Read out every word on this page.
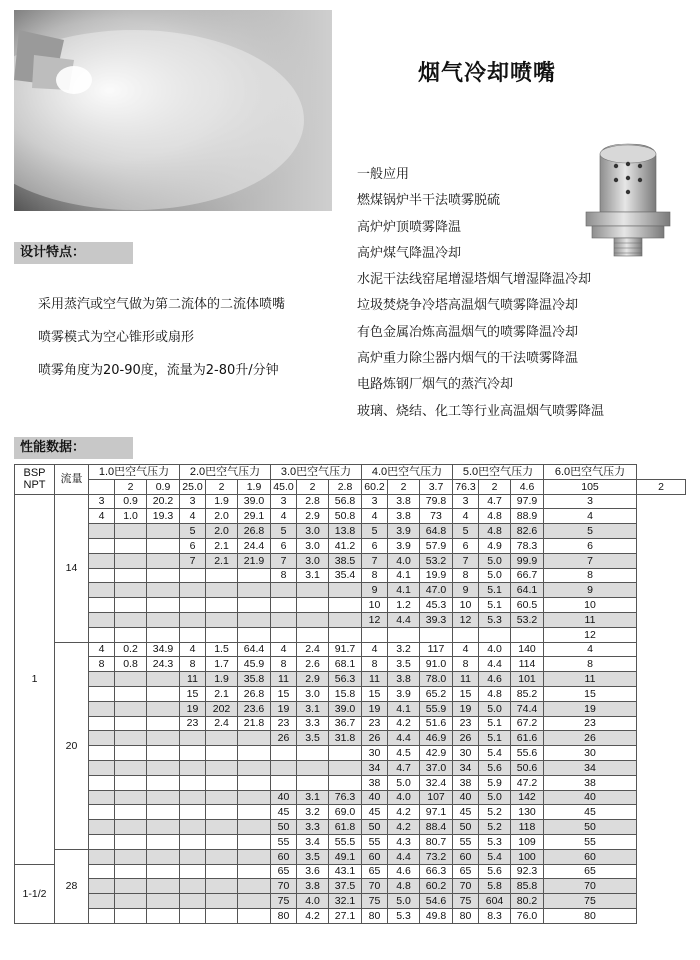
烟气冷却喷嘴
一般应用
燃煤锅炉半干法喷雾脱硫
高炉炉顶喷雾降温
高炉煤气降温冷却
水泥干法线窑尾增湿塔烟气增湿降温冷却
垃圾焚烧争冷塔高温烟气喷雾降温冷却
有色金属冶炼高温烟气的喷雾降温冷却
高炉重力除尘器内烟气的干法喷雾降温
电路炼钢厂烟气的蒸汽冷却
玻璃、烧结、化工等行业高温烟气喷雾降温
设计特点：
采用蒸汽或空气做为第二流体的二流体喷嘴
喷雾模式为空心锥形或扇形
喷雾角度为20-90度，流量为2-80升/分钟
性能数据：
BSP
NPT	流量	1.0巴空气压力			2.0巴空气压力			3.0巴空气压力			4.0巴空气压力			5.0巴空气压力			6.0巴空气压力	
			2	0.9	25.0	2	1.9	45.0	2	2.8	60.2	2	3.7	76.3	2	4.6	105	2
1	14	3	0.9	20.2	3	1.9	39.0	3	2.8	56.8	3	3.8	79.8	3	4.7	97.9	3	
		4	1.0	19.3	4	2.0	29.1	4	2.9	50.8	4	3.8	73	4	4.8	88.9	4	
					5	2.0	26.8	5	3.0	13.8	5	3.9	64.8	5	4.8	82.6	5	
					6	2.1	24.4	6	3.0	41.2	6	3.9	57.9	6	4.9	78.3	6	
					7	2.1	21.9	7	3.0	38.5	7	4.0	53.2	7	5.0	99.9	7	
								8	3.1	35.4	8	4.1	19.9	8	5.0	66.7	8	
											9	4.1	47.0	9	5.1	64.1	9	
											10	1.2	45.3	10	5.1	60.5	10	
											12	4.4	39.3	12	5.3	53.2	11	
																	12	
	20	4	0.2	34.9	4	1.5	64.4	4	2.4	91.7	4	3.2	117	4	4.0	140	4	
		8	0.8	24.3	8	1.7	45.9	8	2.6	68.1	8	3.5	91.0	8	4.4	114	8	
					11	1.9	35.8	11	2.9	56.3	11	3.8	78.0	11	4.6	101	11	
					15	2.1	26.8	15	3.0	15.8	15	3.9	65.2	15	4.8	85.2	15	
					19	202	23.6	19	3.1	39.0	19	4.1	55.9	19	5.0	74.4	19	
					23	2.4	21.8	23	3.3	36.7	23	4.2	51.6	23	5.1	67.2	23	
								26	3.5	31.8	26	4.4	46.9	26	5.1	61.6	26	
											30	4.5	42.9	30	5.4	55.6	30	
											34	4.7	37.0	34	5.6	50.6	34	
											38	5.0	32.4	38	5.9	47.2	38	
								40	3.1	76.3	40	4.0	107	40	5.0	142	40	
								45	3.2	69.0	45	4.2	97.1	45	5.2	130	45	
								50	3.3	61.8	50	4.2	88.4	50	5.2	118	50	
								55	3.4	55.5	55	4.3	80.7	55	5.3	109	55	
	28							60	3.5	49.1	60	4.4	73.2	60	5.4	100	60	
1-1/2								65	3.6	43.1	65	4.6	66.3	65	5.6	92.3	65	
								70	3.8	37.5	70	4.8	60.2	70	5.8	85.8	70	
								75	4.0	32.1	75	5.0	54.6	75	604	80.2	75	
								80	4.2	27.1	80	5.3	49.8	80	8.3	76.0	80	
